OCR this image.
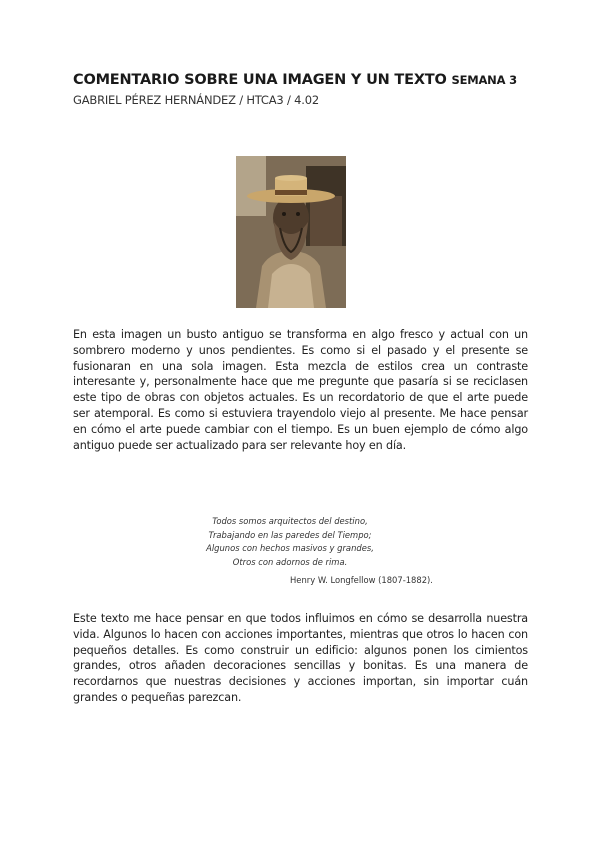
COMENTARIO SOBRE UNA IMAGEN Y UN TEXTO SEMANA 3
GABRIEL PÉREZ HERNÁNDEZ / HTCA3 / 4.02
En esta imagen un busto antiguo se transforma en algo fresco y actual con un sombrero moderno y unos pendientes. Es como si el pasado y el presente se fusionaran en una sola imagen. Esta mezcla de estilos crea un contraste interesante y, personalmente hace que me pregunte que pasaría si se reciclasen este tipo de obras con objetos actuales. Es un recordatorio de que el arte puede ser atemporal. Es como si estuviera trayendolo viejo al presente. Me hace pensar en cómo el arte puede cambiar con el tiempo. Es un buen ejemplo de cómo algo antiguo puede ser actualizado para ser relevante hoy en día.
Todos somos arquitectos del destino,
Trabajando en las paredes del Tiempo;
Algunos con hechos masivos y grandes,
Otros con adornos de rima.
Henry W. Longfellow (1807-1882).
Este texto me hace pensar en que todos influimos en cómo se desarrolla nuestra vida. Algunos lo hacen con acciones importantes, mientras que otros lo hacen con pequeños detalles. Es como construir un edificio: algunos ponen los cimientos grandes, otros añaden decoraciones sencillas y bonitas. Es una manera de recordarnos que nuestras decisiones y acciones importan, sin importar cuán grandes o pequeñas parezcan.
